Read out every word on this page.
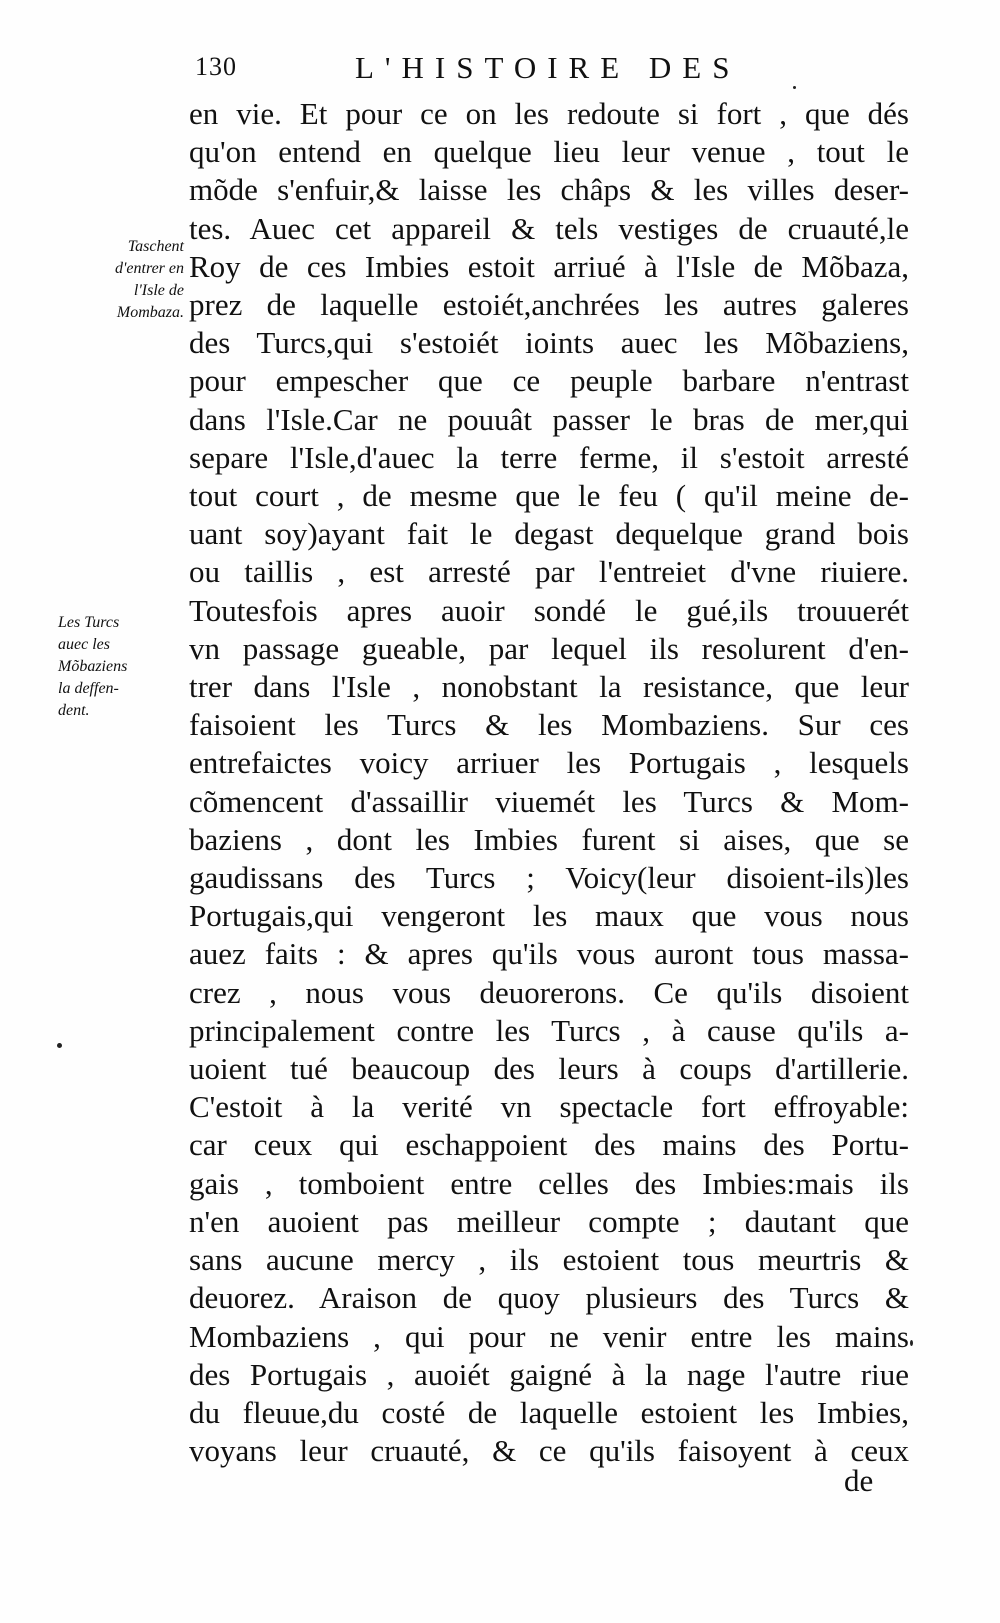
130	L'HISTOIRE DES
Taschent
d'entrer en
l'Isle de
Mombaza.
Les Turcs
auec les
Mõbaziens
la deffen-
dent.
en vie. Et pour ce on les redoute si fort , que dés
qu'on entend en quelque lieu leur venue , tout le
mõde s'enfuir,& laisse les châps & les villes deser-
tes. Auec cet appareil & tels vestiges de cruauté,le
Roy de ces Imbies estoit arriué à l'Isle de Mõbaza,
prez de laquelle estoiét,anchrées les autres galeres
des Turcs,qui s'estoiét ioints auec les Mõbaziens,
pour empescher que ce peuple barbare n'entrast
dans l'Isle.Car ne pouuât passer le bras de mer,qui
separe l'Isle,d'auec la terre ferme, il s'estoit arresté
tout court , de mesme que le feu ( qu'il meine de-
uant soy)ayant fait le degast dequelque grand bois
ou taillis , est arresté par l'entreiet d'vne riuiere.
Toutesfois apres auoir sondé le gué,ils trouuerét
vn passage gueable, par lequel ils resolurent d'en-
trer dans l'Isle , nonobstant la resistance, que leur
faisoient les Turcs & les Mombaziens. Sur ces
entrefaictes voicy arriuer les Portugais , lesquels
cõmencent d'assaillir viuemét les Turcs & Mom-
baziens , dont les Imbies furent si aises, que se
gaudissans des Turcs ; Voicy(leur disoient-ils)les
Portugais,qui vengeront les maux que vous nous
auez faits : & apres qu'ils vous auront tous massa-
crez , nous vous deuorerons. Ce qu'ils disoient
principalement contre les Turcs , à cause qu'ils a-
uoient tué beaucoup des leurs à coups d'artillerie.
C'estoit à la verité vn spectacle fort effroyable:
car ceux qui eschappoient des mains des Portu-
gais , tomboient entre celles des Imbies:mais ils
n'en auoient pas meilleur compte ; dautant que
sans aucune mercy , ils estoient tous meurtris &
deuorez. Araison de quoy plusieurs des Turcs &
Mombaziens , qui pour ne venir entre les mains
des Portugais , auoiét gaigné à la nage l'autre riue
du fleuue,du costé de laquelle estoient les Imbies,
voyans leur cruauté, & ce qu'ils faisoyent à ceux
de
